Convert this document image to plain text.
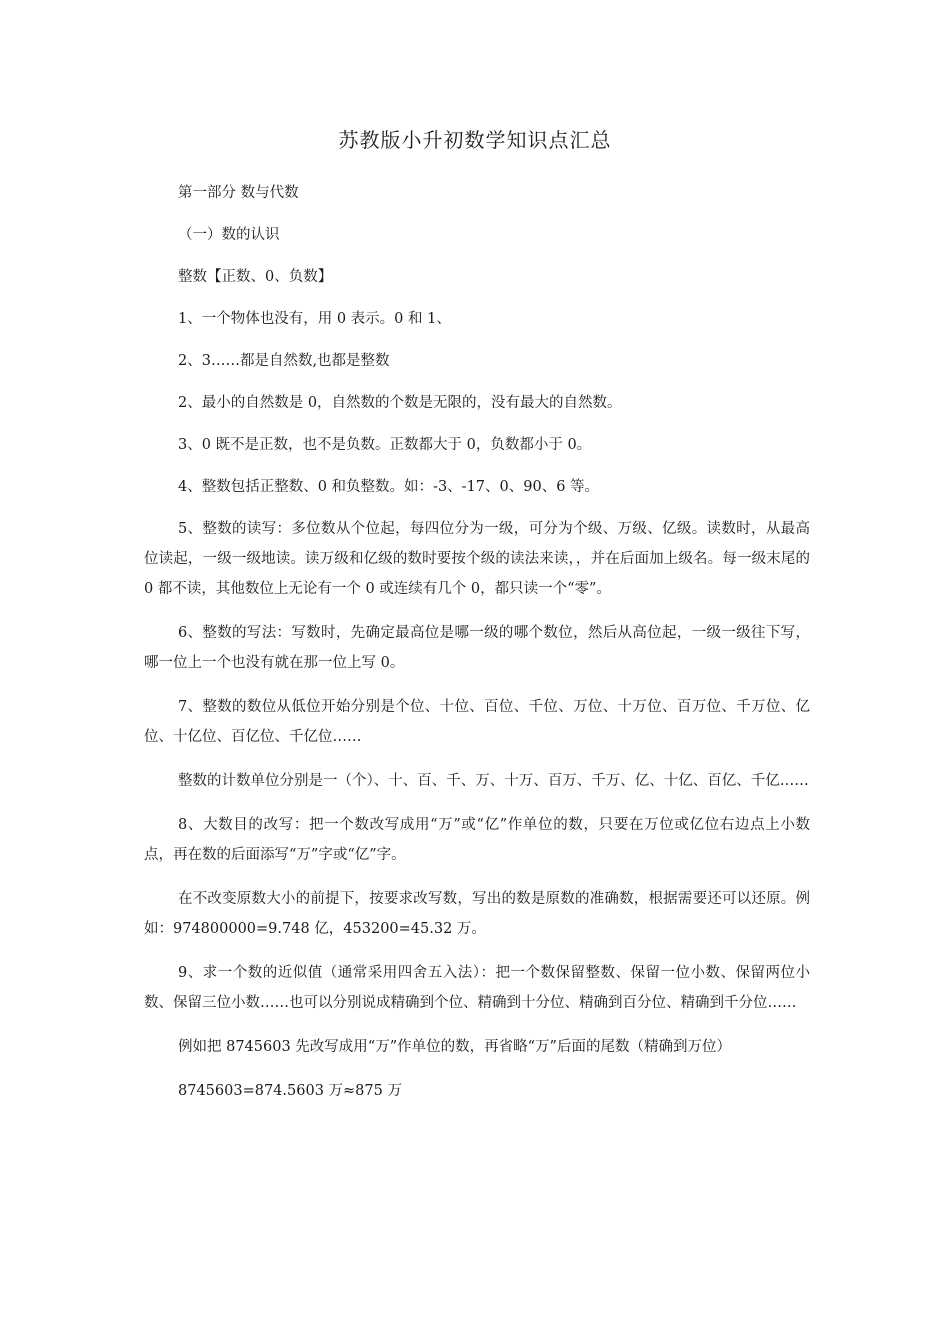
苏教版小升初数学知识点汇总

第一部分 数与代数

（一）数的认识

整数【正数、0、负数】

1、一个物体也没有，用 0 表示。0 和 1、

2、3……都是自然数,也都是整数

2、最小的自然数是 0，自然数的个数是无限的，没有最大的自然数。

3、0 既不是正数，也不是负数。正数都大于 0，负数都小于 0。

4、整数包括正整数、0 和负整数。如：-3、-17、0、90、6 等。

5、整数的读写：多位数从个位起，每四位分为一级，可分为个级、万级、亿级。读数时，从最高位读起，一级一级地读。读万级和亿级的数时要按个级的读法来读，，并在后面加上级名。每一级末尾的 0 都不读，其他数位上无论有一个 0 或连续有几个 0，都只读一个“零”。

6、整数的写法：写数时，先确定最高位是哪一级的哪个数位，然后从高位起，一级一级往下写，哪一位上一个也没有就在那一位上写 0。

7、整数的数位从低位开始分别是个位、十位、百位、千位、万位、十万位、百万位、千万位、亿位、十亿位、百亿位、千亿位……

整数的计数单位分别是一（个）、十、百、千、万、十万、百万、千万、亿、十亿、百亿、千亿……

8、大数目的改写：把一个数改写成用“万”或“亿”作单位的数，只要在万位或亿位右边点上小数点，再在数的后面添写“万”字或“亿”字。

在不改变原数大小的前提下，按要求改写数，写出的数是原数的准确数，根据需要还可以还原。例如：974800000=9.748 亿，453200=45.32 万。

9、求一个数的近似值（通常采用四舍五入法）：把一个数保留整数、保留一位小数、保留两位小数、保留三位小数……也可以分别说成精确到个位、精确到十分位、精确到百分位、精确到千分位……

例如把 8745603 先改写成用“万”作单位的数，再省略“万”后面的尾数（精确到万位）

8745603=874.5603 万≈875 万
